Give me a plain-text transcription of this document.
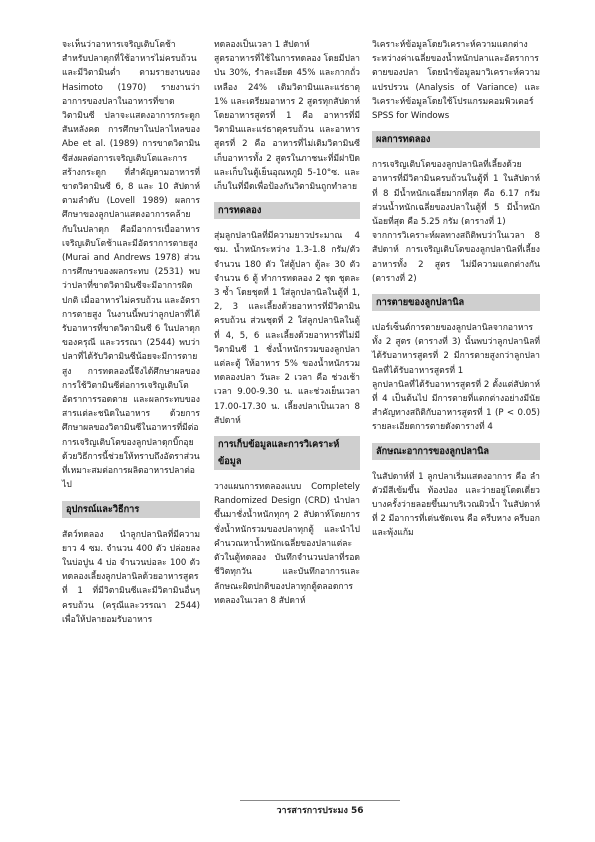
จะเห็นว่าอาหารเจริญเติบโตช้า สำหรับปลาดุกที่ใช้อาหารไม่ครบถ้วนและมีวิตามินต่ำ ตามรายงานของ Hasimoto (1970) รายงานว่าอาการของปลาในอาหารที่ขาดวิตามินซี ปลาจะแสดงอาการกระดูกสันหลังคด การศึกษาในปลาไหลของ Abe et al. (1989) การขาดวิตามินซีส่งผลต่อการเจริญเติบโตและการสร้างกระดูก ที่สำคัญตามอาหารที่ขาดวิตามินซี 6, 8 และ 10 สัปดาห์ตามลำดับ (Lovell 1989) ผลการศึกษาของลูกปลาแสดงอาการคล้ายกับในปลาดุก คือมีอาการเบื่ออาหาร เจริญเติบโตช้าและมีอัตราการตายสูง (Murai and Andrews 1978) ส่วนการศึกษาของผลกระทบ (2531) พบว่าปลาที่ขาดวิตามินซีจะมีอาการผิดปกติ เมื่ออาหารไม่ครบถ้วน และอัตราการตายสูง ในงานนี้พบว่าลูกปลาที่ได้รับอาหารที่ขาดวิตามินซี 6 ในปลาดุกของครุณี และวรรณา (2544) พบว่าปลาที่ได้รับวิตามินซีน้อยจะมีการตายสูง การทดลองนี้จึงได้ศึกษาผลของการใช้วิตามินซีต่อการเจริญเติบโต อัตราการรอดตาย และผลกระทบของสารแต่ละชนิดในอาหาร ด้วยการศึกษาผลของวิตามินซีในอาหารที่มีต่อการเจริญเติบโตของลูกปลาดุกบิ๊กอุย ด้วยวิธีการนี้ช่วยให้ทราบถึงอัตราส่วนที่เหมาะสมต่อการผลิตอาหารปลาต่อไป

อุปกรณ์และวิธีการ

สัตว์ทดลอง นำลูกปลานิลที่มีความยาว 4 ซม. จำนวน 400 ตัว ปล่อยลงในบ่อปูน 4 บ่อ จำนวนบ่อละ 100 ตัว ทดลองเลี้ยงลูกปลานิลด้วยอาหารสูตรที่ 1 ที่มีวิตามินซีและมีวิตามินอื่นๆ ครบถ้วน (ครุณีและวรรณา 2544) เพื่อให้ปลายอมรับอาหาร

ทดลองเป็นเวลา 1 สัปดาห์

สูตรอาหารที่ใช้ในการทดลอง โดยมีปลาป่น 30%, รำละเอียด 45% และกากถั่วเหลือง 24% เติมวิตามินและแร่ธาตุ 1% และเตรียมอาหาร 2 สูตรทุกสัปดาห์ โดยอาหารสูตรที่ 1 คือ อาหารที่มีวิตามินและแร่ธาตุครบถ้วน และอาหารสูตรที่ 2 คือ อาหารที่ไม่เติมวิตามินซี เก็บอาหารทั้ง 2 สูตรในภาชนะที่มีฝาปิด และเก็บในตู้เย็นอุณหภูมิ 5-10°ซ. และเก็บในที่มืดเพื่อป้องกันวิตามินถูกทำลาย

การทดลอง

สุ่มลูกปลานิลที่มีความยาวประมาณ 4 ซม. น้ำหนักระหว่าง 1.3-1.8 กรัม/ตัว จำนวน 180 ตัว ใส่ตู้ปลา ตู้ละ 30 ตัว จำนวน 6 ตู้ ทำการทดลอง 2 ชุด ชุดละ 3 ซ้ำ โดยชุดที่ 1 ใส่ลูกปลานิลในตู้ที่ 1, 2, 3 และเลี้ยงด้วยอาหารที่มีวิตามินครบถ้วน ส่วนชุดที่ 2 ใส่ลูกปลานิลในตู้ที่ 4, 5, 6 และเลี้ยงด้วยอาหารที่ไม่มีวิตามินซี 1 ชั่งน้ำหนักรวมของลูกปลาแต่ละตู้ ให้อาหาร 5% ของน้ำหนักรวมทดลองปลา วันละ 2 เวลา คือ ช่วงเช้าเวลา 9.00-9.30 น. และช่วงเย็นเวลา 17.00-17.30 น. เลี้ยงปลาเป็นเวลา 8 สัปดาห์

การเก็บข้อมูลและการวิเคราะห์ข้อมูล

วางแผนการทดลองแบบ Completely Randomized Design (CRD) นำปลาขึ้นมาชั่งน้ำหนักทุกๆ 2 สัปดาห์โดยการชั่งน้ำหนักรวมของปลาทุกตู้ และนำไปคำนวณหาน้ำหนักเฉลี่ยของปลาแต่ละตัวในตู้ทดลอง บันทึกจำนวนปลาที่รอดชีวิตทุกวัน และบันทึกอาการและลักษณะผิดปกติของปลาทุกตู้ตลอดการทดลองในเวลา 8 สัปดาห์

วิเคราะห์ข้อมูลโดยวิเคราะห์ความแตกต่างระหว่างค่าเฉลี่ยของน้ำหนักปลาและอัตราการตายของปลา โดยนำข้อมูลมาวิเคราะห์ความแปรปรวน (Analysis of Variance) และวิเคราะห์ข้อมูลโดยใช้โปรแกรมคอมพิวเตอร์ SPSS for Windows

ผลการทดลอง

การเจริญเติบโตของลูกปลานิลที่เลี้ยงด้วยอาหารที่มีวิตามินครบถ้วนในตู้ที่ 1 ในสัปดาห์ที่ 8 มีน้ำหนักเฉลี่ยมากที่สุด คือ 6.17 กรัม ส่วนน้ำหนักเฉลี่ยของปลาในตู้ที่ 5 มีน้ำหนักน้อยที่สุด คือ 5.25 กรัม (ตารางที่ 1)

จากการวิเคราะห์ผลทางสถิติพบว่าในเวลา 8 สัปดาห์ การเจริญเติบโตของลูกปลานิลที่เลี้ยงอาหารทั้ง 2 สูตร ไม่มีความแตกต่างกัน (ตารางที่ 2)

การตายของลูกปลานิล

เปอร์เซ็นต์การตายของลูกปลานิลจากอาหารทั้ง 2 สูตร (ตารางที่ 3) นั้นพบว่าลูกปลานิลที่ได้รับอาหารสูตรที่ 2 มีการตายสูงกว่าลูกปลานิลที่ได้รับอาหารสูตรที่ 1

ลูกปลานิลที่ได้รับอาหารสูตรที่ 2 ตั้งแต่สัปดาห์ที่ 4 เป็นต้นไป มีการตายที่แตกต่างอย่างมีนัยสำคัญทางสถิติกับอาหารสูตรที่ 1 (P < 0.05) รายละเอียดการตายดังตารางที่ 4

ลักษณะอาการของลูกปลานิล

ในสัปดาห์ที่ 1 ลูกปลาเริ่มแสดงอาการ คือ ลำตัวมีสีเข้มขึ้น ท้องป่อง และว่ายอยู่โดดเดี่ยว บางครั้งว่ายลอยขึ้นมาบริเวณผิวน้ำ ในสัปดาห์ที่ 2 มีอาการที่เด่นชัดเจน คือ ครีบหาง ครีบอก และพุ้งแก้ม

วารสารการประมง 56
